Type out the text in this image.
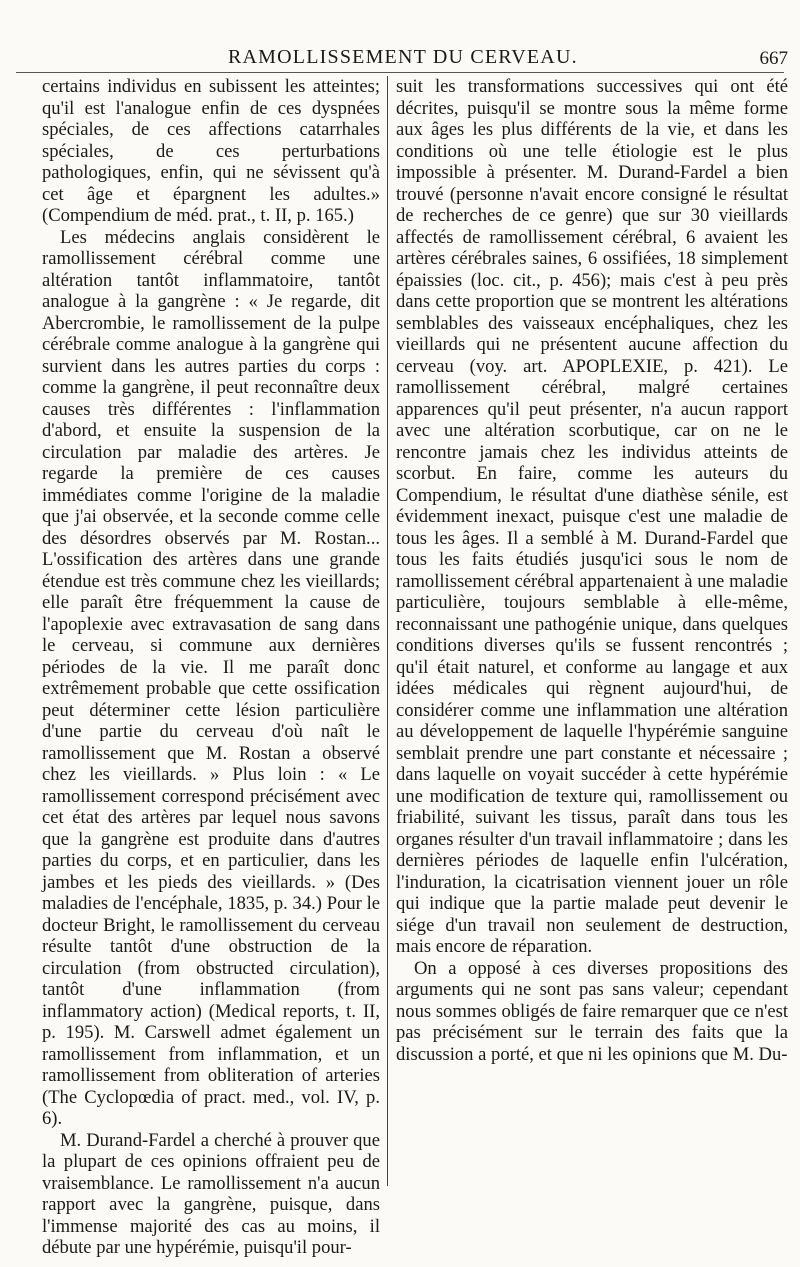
RAMOLLISSEMENT DU CERVEAU.	667

certains individus en subissent les atteintes; qu'il est l'analogue enfin de ces dyspnées spéciales, de ces affections catarrhales spéciales, de ces perturbations pathologiques, enfin, qui ne sévissent qu'à cet âge et épargnent les adultes.» (Compendium de méd. prat., t. II, p. 165.)

Les médecins anglais considèrent le ramollissement cérébral comme une altération tantôt inflammatoire, tantôt analogue à la gangrène : « Je regarde, dit Abercrombie, le ramollissement de la pulpe cérébrale comme analogue à la gangrène qui survient dans les autres parties du corps : comme la gangrène, il peut reconnaître deux causes très différentes : l'inflammation d'abord, et ensuite la suspension de la circulation par maladie des artères. Je regarde la première de ces causes immédiates comme l'origine de la maladie que j'ai observée, et la seconde comme celle des désordres observés par M. Rostan... L'ossification des artères dans une grande étendue est très commune chez les vieillards; elle paraît être fréquemment la cause de l'apoplexie avec extravasation de sang dans le cerveau, si commune aux dernières périodes de la vie. Il me paraît donc extrêmement probable que cette ossification peut déterminer cette lésion particulière d'une partie du cerveau d'où naît le ramollissement que M. Rostan a observé chez les vieillards. » Plus loin : « Le ramollissement correspond précisément avec cet état des artères par lequel nous savons que la gangrène est produite dans d'autres parties du corps, et en particulier, dans les jambes et les pieds des vieillards. » (Des maladies de l'encéphale, 1835, p. 34.) Pour le docteur Bright, le ramollissement du cerveau résulte tantôt d'une obstruction de la circulation (from obstructed circulation), tantôt d'une inflammation (from inflammatory action) (Medical reports, t. II, p. 195). M. Carswell admet également un ramollissement from inflammation, et un ramollissement from obliteration of arteries (The Cyclopœdia of pract. med., vol. IV, p. 6).

M. Durand-Fardel a cherché à prouver que la plupart de ces opinions offraient peu de vraisemblance. Le ramollissement n'a aucun rapport avec la gangrène, puisque, dans l'immense majorité des cas au moins, il débute par une hypérémie, puisqu'il pour-

suit les transformations successives qui ont été décrites, puisqu'il se montre sous la même forme aux âges les plus différents de la vie, et dans les conditions où une telle étiologie est le plus impossible à présenter. M. Durand-Fardel a bien trouvé (personne n'avait encore consigné le résultat de recherches de ce genre) que sur 30 vieillards affectés de ramollissement cérébral, 6 avaient les artères cérébrales saines, 6 ossifiées, 18 simplement épaissies (loc. cit., p. 456); mais c'est à peu près dans cette proportion que se montrent les altérations semblables des vaisseaux encéphaliques, chez les vieillards qui ne présentent aucune affection du cerveau (voy. art. APOPLEXIE, p. 421). Le ramollissement cérébral, malgré certaines apparences qu'il peut présenter, n'a aucun rapport avec une altération scorbutique, car on ne le rencontre jamais chez les individus atteints de scorbut. En faire, comme les auteurs du Compendium, le résultat d'une diathèse sénile, est évidemment inexact, puisque c'est une maladie de tous les âges. Il a semblé à M. Durand-Fardel que tous les faits étudiés jusqu'ici sous le nom de ramollissement cérébral appartenaient à une maladie particulière, toujours semblable à elle-même, reconnaissant une pathogénie unique, dans quelques conditions diverses qu'ils se fussent rencontrés ; qu'il était naturel, et conforme au langage et aux idées médicales qui règnent aujourd'hui, de considérer comme une inflammation une altération au développement de laquelle l'hypérémie sanguine semblait prendre une part constante et nécessaire ; dans laquelle on voyait succéder à cette hypérémie une modification de texture qui, ramollissement ou friabilité, suivant les tissus, paraît dans tous les organes résulter d'un travail inflammatoire ; dans les dernières périodes de laquelle enfin l'ulcération, l'induration, la cicatrisation viennent jouer un rôle qui indique que la partie malade peut devenir le siége d'un travail non seulement de destruction, mais encore de réparation.

On a opposé à ces diverses propositions des arguments qui ne sont pas sans valeur; cependant nous sommes obligés de faire remarquer que ce n'est pas précisément sur le terrain des faits que la discussion a porté, et que ni les opinions que M. Du-
